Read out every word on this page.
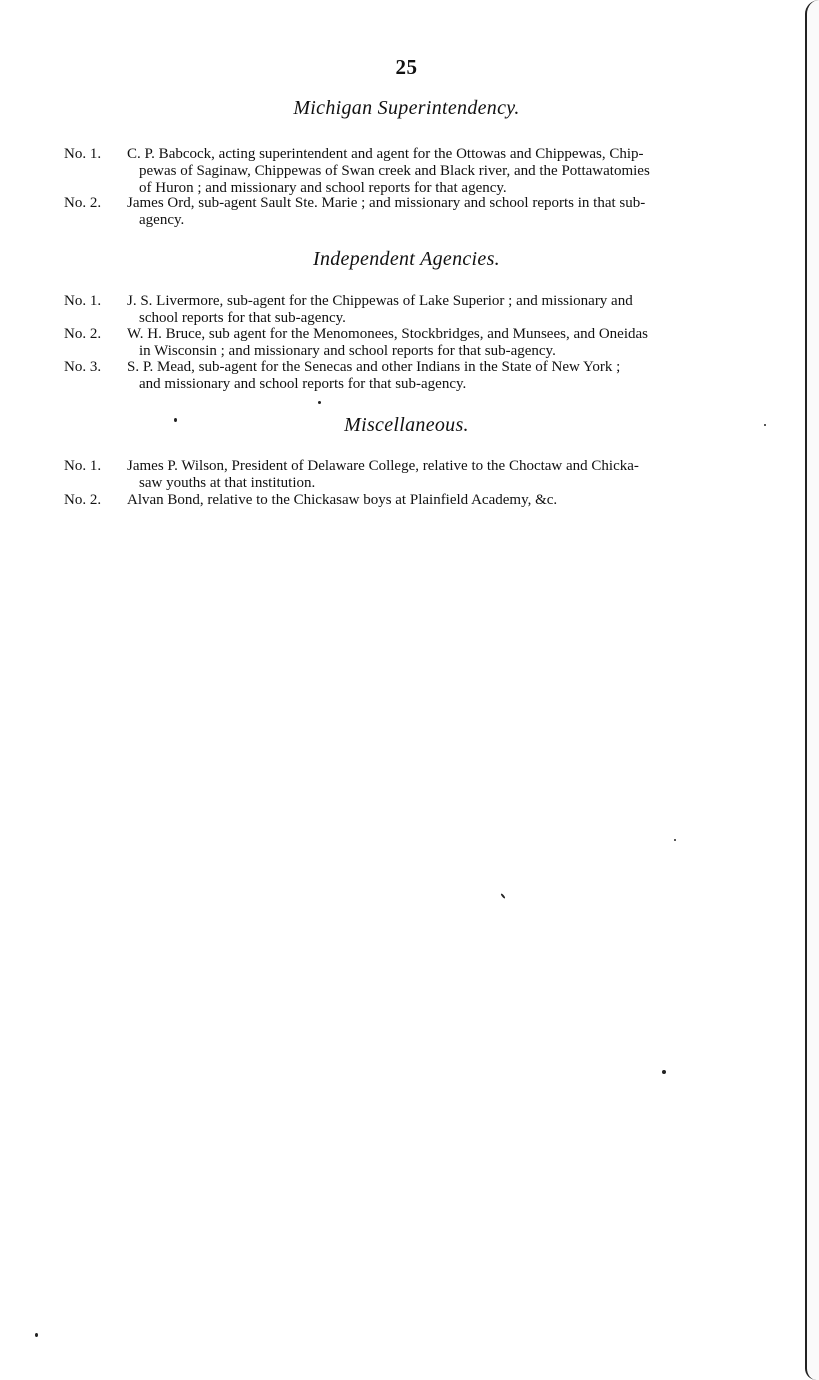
25
Michigan Superintendency.
No. 1.	C. P. Babcock, acting superintendent and agent for the Ottowas and Chippewas, Chip-
pewas of Saginaw, Chippewas of Swan creek and Black river, and the Pottawatomies
of Huron ; and missionary and school reports for that agency.
No. 2.	James Ord, sub-agent Sault Ste. Marie ; and missionary and school reports in that sub-
agency.
Independent Agencies.
No. 1.	J. S. Livermore, sub-agent for the Chippewas of Lake Superior ; and missionary and
school reports for that sub-agency.
No. 2.	W. H. Bruce, sub agent for the Menomonees, Stockbridges, and Munsees, and Oneidas
in Wisconsin ; and missionary and school reports for that sub-agency.
No. 3.	S. P. Mead, sub-agent for the Senecas and other Indians in the State of New York ;
and missionary and school reports for that sub-agency.
Miscellaneous.
No. 1.	James P. Wilson, President of Delaware College, relative to the Choctaw and Chicka-
saw youths at that institution.
No. 2.	Alvan Bond, relative to the Chickasaw boys at Plainfield Academy, &c.
